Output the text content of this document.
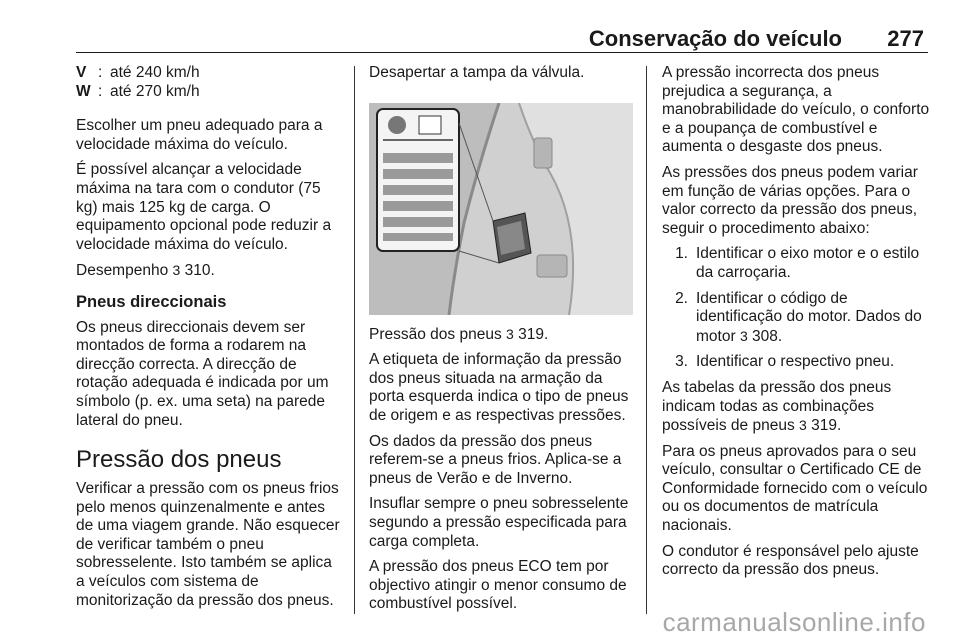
Conservação do veículo 277
V : até 240 km/h
W : até 270 km/h

Escolher um pneu adequado para a velocidade máxima do veículo.

É possível alcançar a velocidade máxima na tara com o condutor (75 kg) mais 125 kg de carga. O equipamento opcional pode reduzir a velocidade máxima do veículo.

Desempenho 3 310.

Pneus direccionais

Os pneus direccionais devem ser montados de forma a rodarem na direcção correcta. A direcção de rotação adequada é indicada por um símbolo (p. ex. uma seta) na parede lateral do pneu.

Pressão dos pneus

Verificar a pressão com os pneus frios pelo menos quinzenalmente e antes de uma viagem grande. Não esquecer de verificar também o pneu sobresselente. Isto também se aplica a veículos com sistema de monitorização da pressão dos pneus.

Desapertar a tampa da válvula.

Pressão dos pneus 3 319.

A etiqueta de informação da pressão dos pneus situada na armação da porta esquerda indica o tipo de pneus de origem e as respectivas pressões.

Os dados da pressão dos pneus referem-se a pneus frios. Aplica-se a pneus de Verão e de Inverno.

Insuflar sempre o pneu sobresselente segundo a pressão especificada para carga completa.

A pressão dos pneus ECO tem por objectivo atingir o menor consumo de combustível possível.

A pressão incorrecta dos pneus prejudica a segurança, a manobrabilidade do veículo, o conforto e a poupança de combustível e aumenta o desgaste dos pneus.

As pressões dos pneus podem variar em função de várias opções. Para o valor correcto da pressão dos pneus, seguir o procedimento abaixo:

1. Identificar o eixo motor e o estilo da carroçaria.
2. Identificar o código de identificação do motor. Dados do motor 3 308.
3. Identificar o respectivo pneu.

As tabelas da pressão dos pneus indicam todas as combinações possíveis de pneus 3 319.

Para os pneus aprovados para o seu veículo, consultar o Certificado CE de Conformidade fornecido com o veículo ou os documentos de matrícula nacionais.

O condutor é responsável pelo ajuste correcto da pressão dos pneus.

carmanualsonline.info
